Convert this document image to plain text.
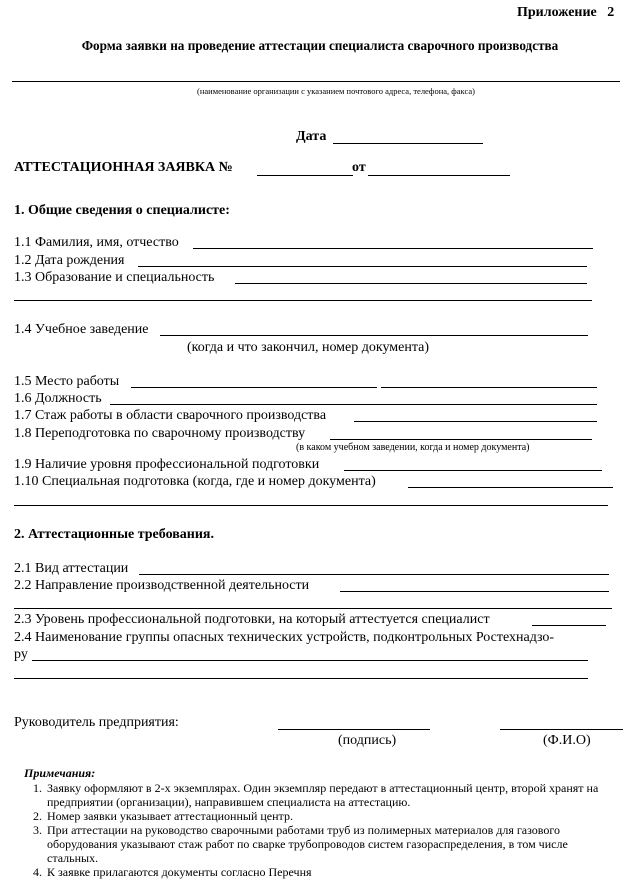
Приложение 2
Форма заявки на проведение аттестации специалиста сварочного производства
(наименование организации с указанием почтового адреса, телефона, факса)
Дата
АТТЕСТАЦИОННАЯ ЗАЯВКА №	от
1. Общие сведения о специалисте:
1.1 Фамилия, имя, отчество
1.2 Дата рождения
1.3 Образование и специальность
1.4 Учебное заведение
(когда и что закончил, номер документа)
1.5 Место работы
1.6 Должность
1.7 Стаж работы в области сварочного производства
1.8 Переподготовка по сварочному производству
(в каком учебном заведении, когда и номер документа)
1.9 Наличие уровня профессиональной подготовки
1.10 Специальная подготовка (когда, где и номер документа)
2. Аттестационные требования.
2.1 Вид аттестации
2.2 Направление производственной деятельности
2.3 Уровень профессиональной подготовки, на который аттестуется специалист
2.4 Наименование группы опасных технических устройств, подконтрольных Ростехнадзо-
ру
Руководитель предприятия:
(подпись)	(Ф.И.О)
Примечания:
1. Заявку оформляют в 2-х экземплярах. Один экземпляр передают в аттестационный центр, второй хранят на предприятии (организации), направившем специалиста на аттестацию.
2. Номер заявки указывает аттестационный центр.
3. При аттестации на руководство сварочными работами труб из полимерных материалов для газового оборудования указывают стаж работ по сварке трубопроводов систем газораспределения, в том числе стальных.
4. К заявке прилагаются документы согласно Перечня
